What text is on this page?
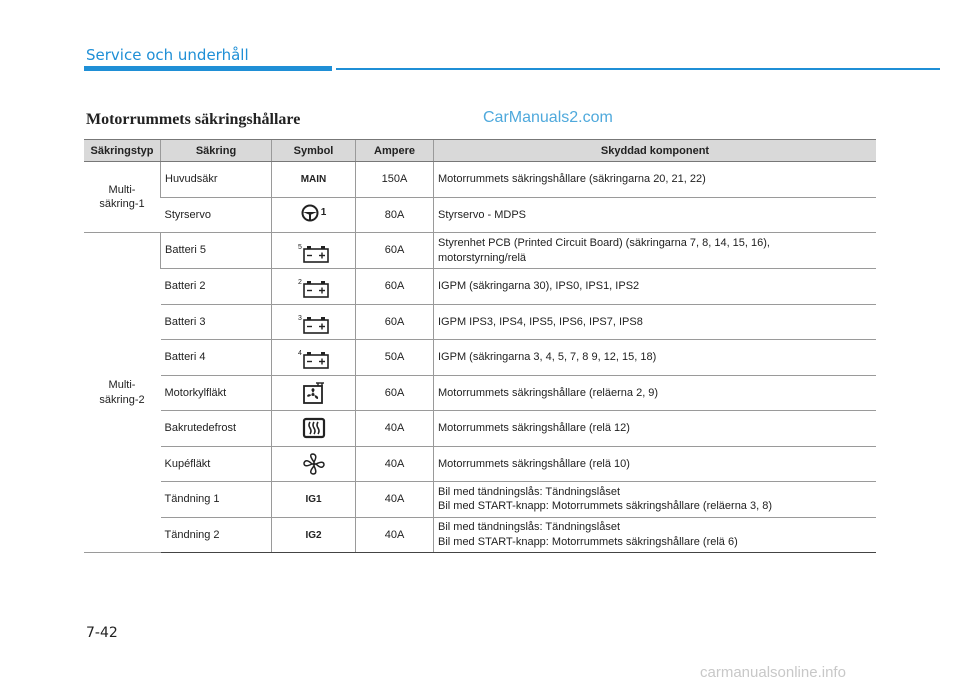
Service och underhåll
Motorrummets säkringshållare	CarManuals2.com
Säkringstyp	Säkring	Symbol	Ampere	Skyddad komponent
Multi-
säkring-1	Huvudsäkr	MAIN	150A	Motorrummets säkringshållare (säkringarna 20, 21, 22)
	Styrservo	1	80A	Styrservo - MDPS
Multi-
säkring-2	Batteri 5	5	60A	Styrenhet PCB (Printed Circuit Board) (säkringarna 7, 8, 14, 15, 16),
motorstyrning/relä
	Batteri 2	2	60A	IGPM (säkringarna 30), IPS0, IPS1, IPS2
	Batteri 3	3	60A	IGPM IPS3, IPS4, IPS5, IPS6, IPS7, IPS8
	Batteri 4	4	50A	IGPM (säkringarna 3, 4, 5, 7, 8 9, 12, 15, 18)
	Motorkylfläkt		60A	Motorrummets säkringshållare (reläerna 2, 9)
	Bakrutedefrost		40A	Motorrummets säkringshållare (relä 12)
	Kupéfläkt		40A	Motorrummets säkringshållare (relä 10)
	Tändning 1	IG1	40A	Bil med tändningslås: Tändningslåset
Bil med START-knapp: Motorrummets säkringshållare (reläerna 3, 8)
	Tändning 2	IG2	40A	Bil med tändningslås: Tändningslåset
Bil med START-knapp: Motorrummets säkringshållare (relä 6)
7-42
carmanualsonline.info
